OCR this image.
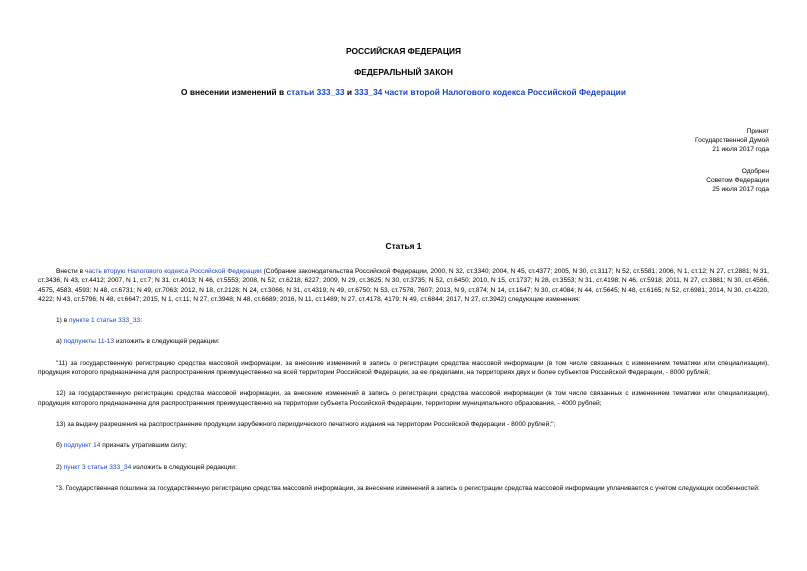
РОССИЙСКАЯ ФЕДЕРАЦИЯ
ФЕДЕРАЛЬНЫЙ ЗАКОН
О внесении изменений в статьи 333_33 и 333_34 части второй Налогового кодекса Российской Федерации
Принят
Государственной Думой
21 июля 2017 года
Одобрен
Советом Федерации
25 июля 2017 года
Статья 1

Внести в часть вторую Налогового кодекса Российской Федерации (Собрание законодательства Российской Федерации, 2000, N 32, ст.3340; 2004, N 45, ст.4377; 2005, N 30, ст.3117; N 52, ст.5581; 2006, N 1, ст.12; N 27, ст.2881; N 31, ст.3436; N 43, ст.4412; 2007, N 1, ст.7; N 31, ст.4013; N 46, ст.5553; 2008, N 52, ст.6218, 6227; 2009, N 29, ст.3625; N 30, ст.3735; N 52, ст.6450; 2010, N 15, ст.1737; N 28, ст.3553; N 31, ст.4198; N 46, ст.5918; 2011, N 27, ст.3881; N 30, ст.4566, 4575, 4583, 4593; N 48, ст.6731; N 49, ст.7063; 2012, N 18, ст.2128; N 24, ст.3066; N 31, ст.4319; N 49, ст.6750; N 53, ст.7578, 7607; 2013, N 9, ст.874; N 14, ст.1647; N 30, ст.4084; N 44, ст.5645; N 48, ст.6165; N 52, ст.6981; 2014, N 30, ст.4220, 4222; N 43, ст.5796; N 48, ст.6647; 2015, N 1, ст.11; N 27, ст.3948; N 48, ст.6689; 2016, N 11, ст.1489; N 27, ст.4178, 4179; N 49, ст.6844; 2017, N 27, ст.3942) следующие изменения:

1) в пункте 1 статьи 333_33:

а) подпункты 11-13 изложить в следующей редакции:

"11) за государственную регистрацию средства массовой информации, за внесение изменений в запись о регистрации средства массовой информации (в том числе связанных с изменением тематики или специализации), продукция которого предназначена для распространения преимущественно на всей территории Российской Федерации, за ее пределами, на территориях двух и более субъектов Российской Федерации, - 8000 рублей;

12) за государственную регистрацию средства массовой информации, за внесение изменений в запись о регистрации средства массовой информации (в том числе связанных с изменением тематики или специализации), продукция которого предназначена для распространения преимущественно на территории субъекта Российской Федерации, территории муниципального образования, - 4000 рублей;

13) за выдачу разрешения на распространение продукции зарубежного периодического печатного издания на территории Российской Федерации - 8000 рублей;";

б) подпункт 14 признать утратившим силу;

2) пункт 3 статьи 333_34 изложить в следующей редакции:

"3. Государственная пошлина за государственную регистрацию средства массовой информации, за внесение изменений в запись о регистрации средства массовой информации уплачивается с учетом следующих особенностей:
